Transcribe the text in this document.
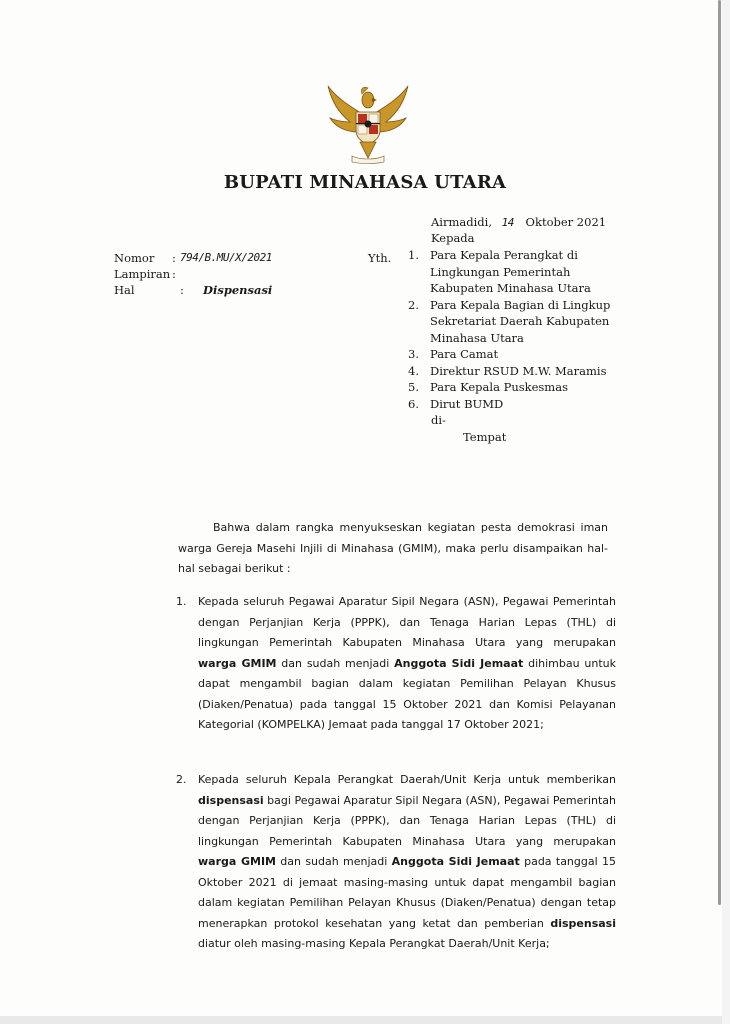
BUPATI MINAHASA UTARA
Airmadidi, 14 Oktober 2021
Kepada
Nomor : 794/B.MU/X/2021
Lampiran :
Hal	: Dispensasi
Yth. 1. Para Kepala Perangkat di
Lingkungan Pemerintah
Kabupaten Minahasa Utara
2. Para Kepala Bagian di Lingkup
Sekretariat Daerah Kabupaten
Minahasa Utara
3. Para Camat
4. Direktur RSUD M.W. Maramis
5. Para Kepala Puskesmas
6. Dirut BUMD
di-
Tempat
Bahwa dalam rangka menyukseskan kegiatan pesta demokrasi iman warga Gereja Masehi Injili di Minahasa (GMIM), maka perlu disampaikan hal-hal sebagai berikut :
1. Kepada seluruh Pegawai Aparatur Sipil Negara (ASN), Pegawai Pemerintah dengan Perjanjian Kerja (PPPK), dan Tenaga Harian Lepas (THL) di lingkungan Pemerintah Kabupaten Minahasa Utara yang merupakan warga GMIM dan sudah menjadi Anggota Sidi Jemaat dihimbau untuk dapat mengambil bagian dalam kegiatan Pemilihan Pelayan Khusus (Diaken/Penatua) pada tanggal 15 Oktober 2021 dan Komisi Pelayanan Kategorial (KOMPELKA) Jemaat pada tanggal 17 Oktober 2021;
2. Kepada seluruh Kepala Perangkat Daerah/Unit Kerja untuk memberikan dispensasi bagi Pegawai Aparatur Sipil Negara (ASN), Pegawai Pemerintah dengan Perjanjian Kerja (PPPK), dan Tenaga Harian Lepas (THL) di lingkungan Pemerintah Kabupaten Minahasa Utara yang merupakan warga GMIM dan sudah menjadi Anggota Sidi Jemaat pada tanggal 15 Oktober 2021 di jemaat masing-masing untuk dapat mengambil bagian dalam kegiatan Pemilihan Pelayan Khusus (Diaken/Penatua) dengan tetap menerapkan protokol kesehatan yang ketat dan pemberian dispensasi diatur oleh masing-masing Kepala Perangkat Daerah/Unit Kerja;
